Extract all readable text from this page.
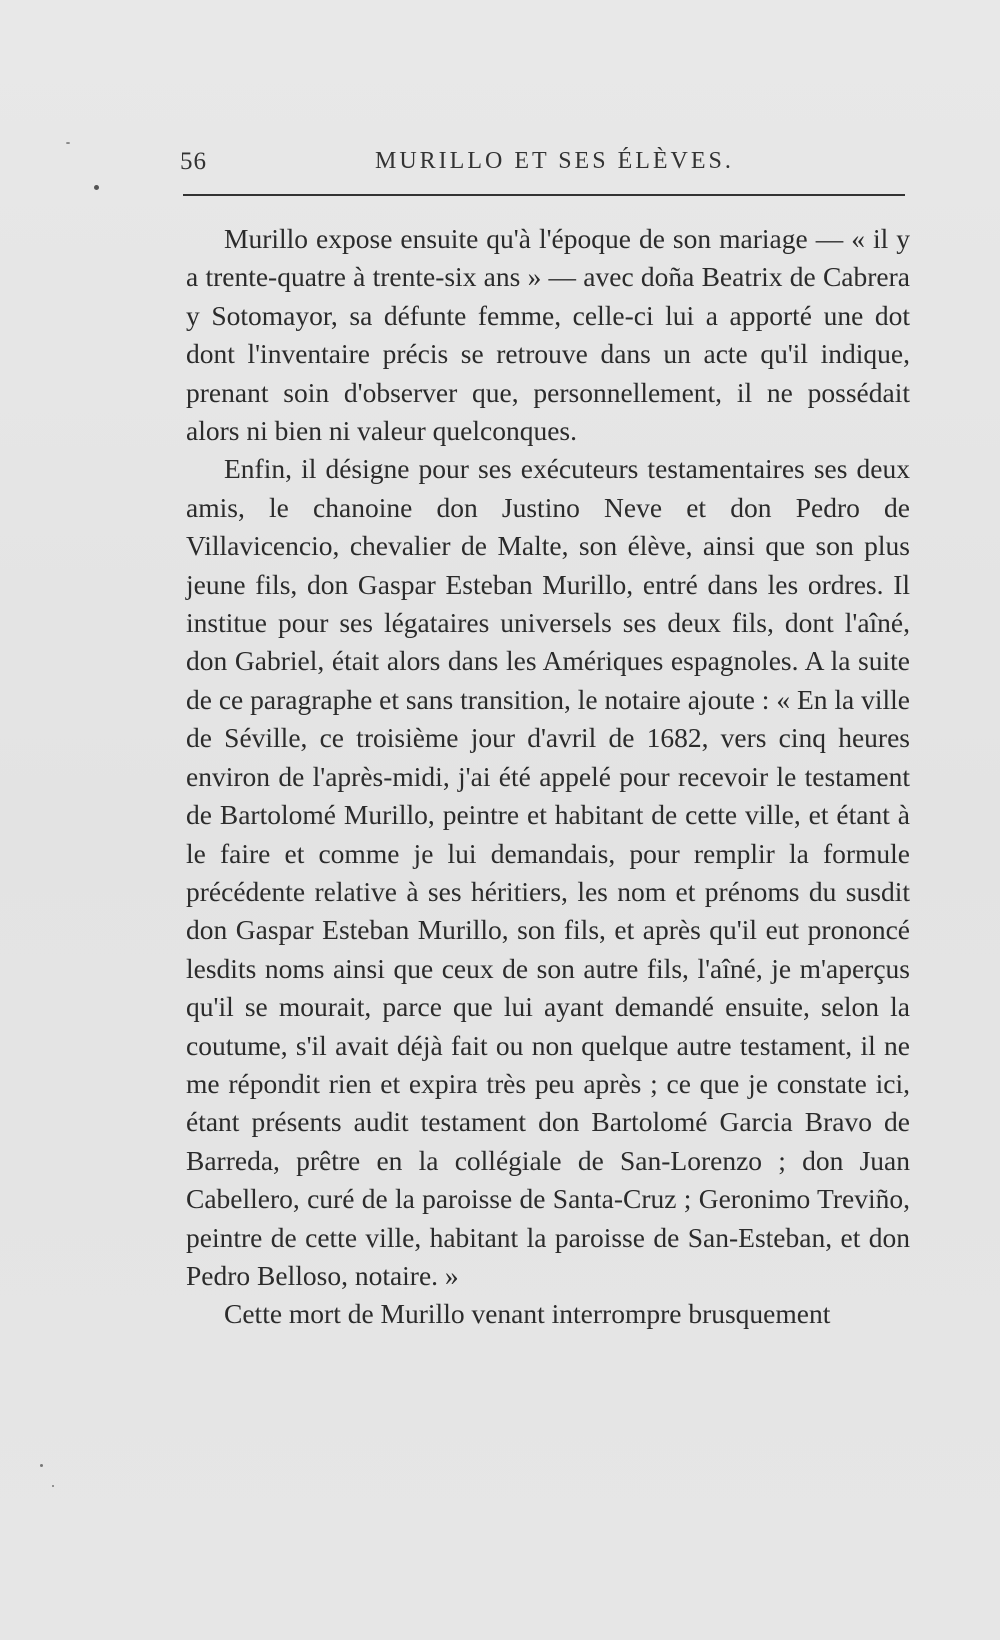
56	MURILLO ET SES ÉLÈVES.

Murillo expose ensuite qu'à l'époque de son mariage — « il y a trente-quatre à trente-six ans » — avec doña Beatrix de Cabrera y Sotomayor, sa défunte femme, celle-ci lui a apporté une dot dont l'inventaire précis se retrouve dans un acte qu'il indique, prenant soin d'observer que, personnellement, il ne possédait alors ni bien ni valeur quelconques.

Enfin, il désigne pour ses exécuteurs testamentaires ses deux amis, le chanoine don Justino Neve et don Pedro de Villavicencio, chevalier de Malte, son élève, ainsi que son plus jeune fils, don Gaspar Esteban Murillo, entré dans les ordres. Il institue pour ses légataires universels ses deux fils, dont l'aîné, don Gabriel, était alors dans les Amériques espagnoles. A la suite de ce paragraphe et sans transition, le notaire ajoute : « En la ville de Séville, ce troisième jour d'avril de 1682, vers cinq heures environ de l'après-midi, j'ai été appelé pour recevoir le testament de Bartolomé Murillo, peintre et habitant de cette ville, et étant à le faire et comme je lui demandais, pour remplir la formule précédente relative à ses héritiers, les nom et prénoms du susdit don Gaspar Esteban Murillo, son fils, et après qu'il eut prononcé lesdits noms ainsi que ceux de son autre fils, l'aîné, je m'aperçus qu'il se mourait, parce que lui ayant demandé ensuite, selon la coutume, s'il avait déjà fait ou non quelque autre testament, il ne me répondit rien et expira très peu après ; ce que je constate ici, étant présents audit testament don Bartolomé Garcia Bravo de Barreda, prêtre en la collégiale de San-Lorenzo ; don Juan Cabellero, curé de la paroisse de Santa-Cruz ; Geronimo Treviño, peintre de cette ville, habitant la paroisse de San-Esteban, et don Pedro Belloso, notaire. »

Cette mort de Murillo venant interrompre brusquement
